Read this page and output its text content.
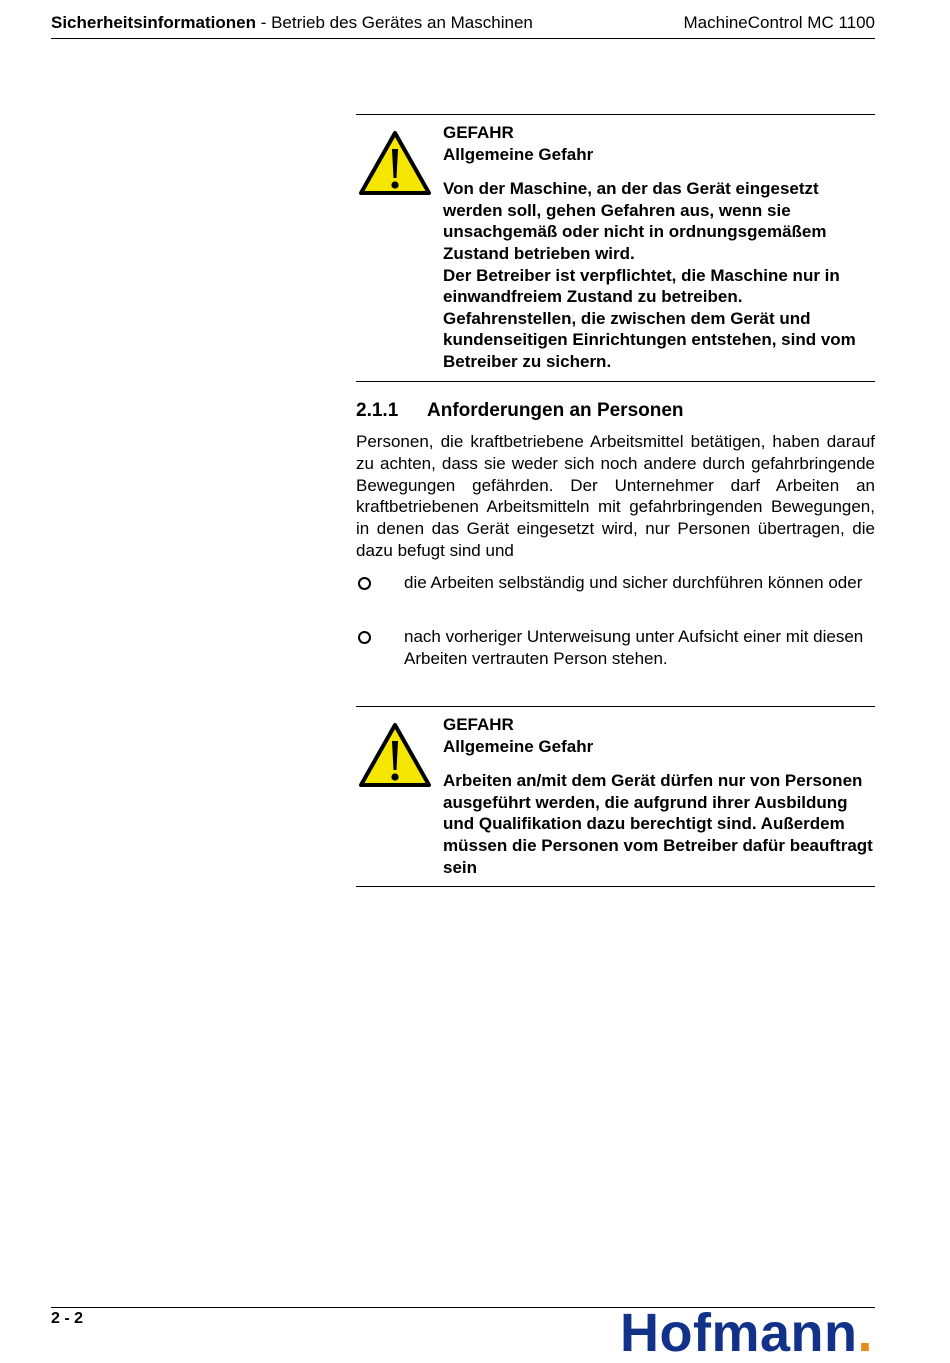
Sicherheitsinformationen - Betrieb des Gerätes an Maschinen	MachineControl MC 1100

GEFAHR

Allgemeine Gefahr

Von der Maschine, an der das Gerät eingesetzt werden soll, gehen Gefahren aus, wenn sie unsachgemäß oder nicht in ordnungsgemäßem Zustand betrieben wird.

Der Betreiber ist verpflichtet, die Maschine nur in einwandfreiem Zustand zu betreiben. Gefahrenstellen, die zwischen dem Gerät und kundenseitigen Einrichtungen entstehen, sind vom Betreiber zu sichern.

2.1.1 Anforderungen an Personen

Personen, die kraftbetriebene Arbeitsmittel betätigen, haben darauf zu achten, dass sie weder sich noch andere durch gefahrbringende Bewegungen gefährden. Der Unternehmer darf Arbeiten an kraftbetriebenen Arbeitsmitteln mit gefahrbringenden Bewegungen, in denen das Gerät eingesetzt wird, nur Personen übertragen, die dazu befugt sind und

die Arbeiten selbständig und sicher durchführen können oder
nach vorheriger Unterweisung unter Aufsicht einer mit diesen Arbeiten vertrauten Person stehen.

GEFAHR

Allgemeine Gefahr

Arbeiten an/mit dem Gerät dürfen nur von Personen ausgeführt werden, die aufgrund ihrer Ausbildung und Qualifikation dazu berechtigt sind. Außerdem müssen die Personen vom Betreiber dafür beauftragt sein

2 - 2	Hofmann.
